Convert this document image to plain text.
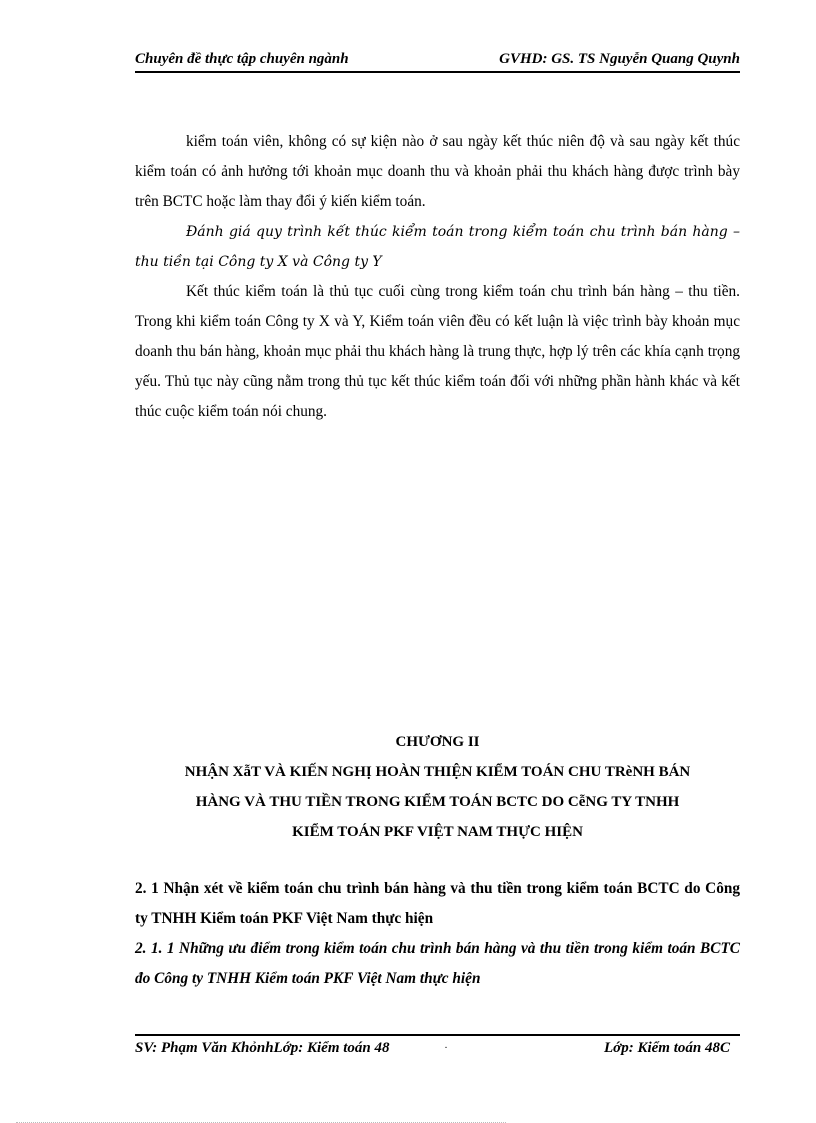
Chuyên đề thực tập chuyên ngành	GVHD: GS. TS Nguyễn Quang Quynh

kiểm toán viên, không có sự kiện nào ở sau ngày kết thúc niên độ và sau ngày kết thúc kiểm toán có ảnh hưởng tới khoản mục doanh thu và khoản phải thu khách hàng được trình bày trên BCTC hoặc làm thay đổi ý kiến kiểm toán.

Đánh giá quy trình kết thúc kiểm toán trong kiểm toán chu trình bán hàng – thu tiền tại Công ty X và Công ty Y

Kết thúc kiểm toán là thủ tục cuối cùng trong kiểm toán chu trình bán hàng – thu tiền. Trong khi kiểm toán Công ty X và Y, Kiểm toán viên đều có kết luận là việc trình bày khoản mục doanh thu bán hàng, khoản mục phải thu khách hàng là trung thực, hợp lý trên các khía cạnh trọng yếu. Thủ tục này cũng nằm trong thủ tục kết thúc kiểm toán đối với những phần hành khác và kết thúc cuộc kiểm toán nói chung.

CHƯƠNG II
NHẬN XẫT VÀ KIẾN NGHỊ HOÀN THIỆN KIỂM TOÁN CHU TRèNH BÁN
HÀNG VÀ THU TIỀN TRONG KIỂM TOÁN BCTC DO CễNG TY TNHH
KIỂM TOÁN PKF VIỆT NAM THỰC HIỆN
2. 1 Nhận xét về kiểm toán chu trình bán hàng và thu tiền trong kiểm toán BCTC do Công ty TNHH Kiểm toán PKF Việt Nam thực hiện
2. 1. 1 Những ưu điểm trong kiểm toán chu trình bán hàng và thu tiền trong kiểm toán BCTC đo Công ty TNHH Kiểm toán PKF Việt Nam thực hiện
SV: Phạm Văn KhỏnhLớp: Kiểm toán 48	.	Lớp: Kiểm toán 48C
